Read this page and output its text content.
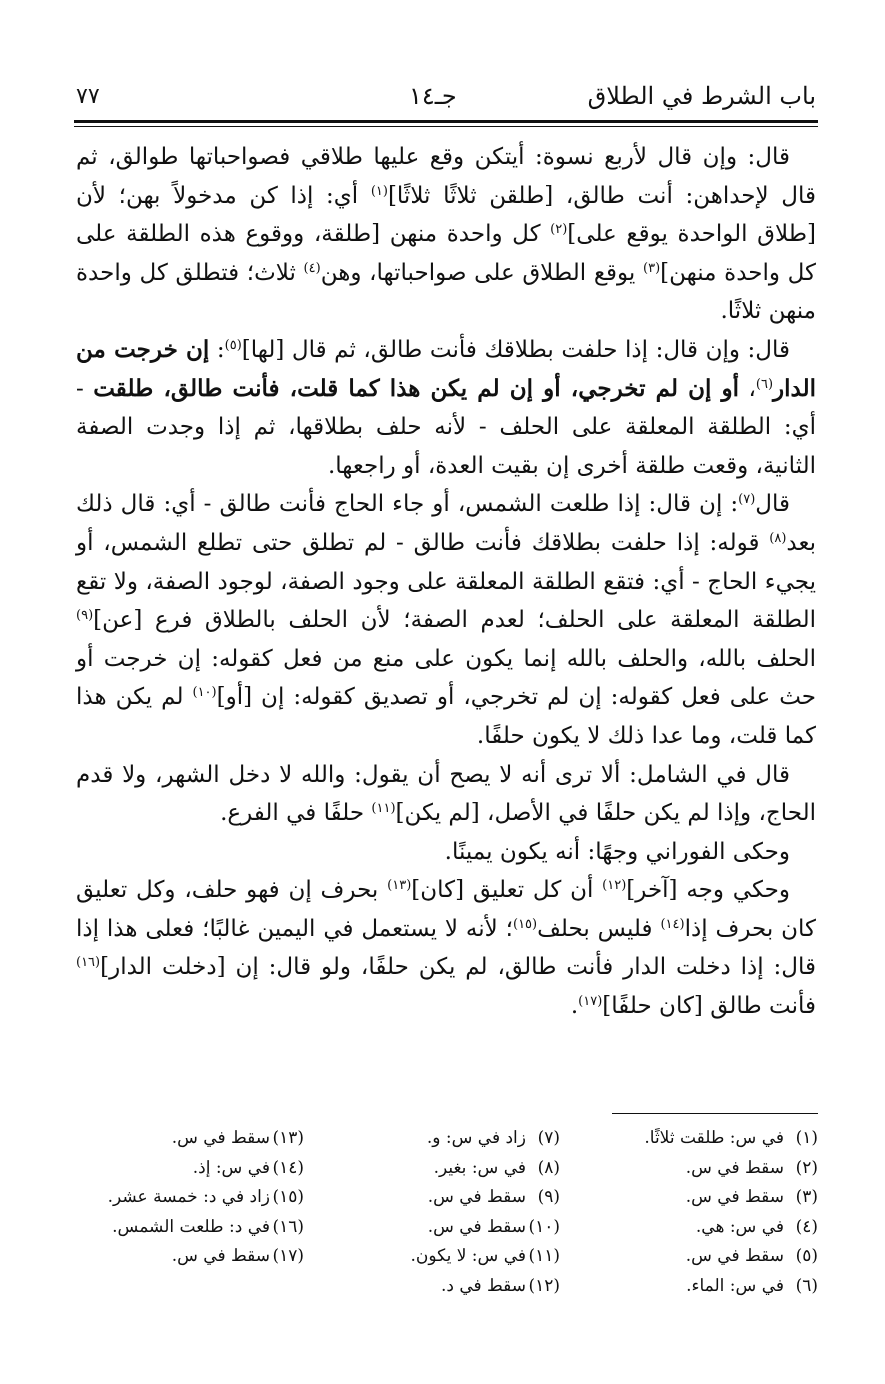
باب الشرط في الطلاق
جـ١٤
٧٧

قال: وإن قال لأربع نسوة: أيتكن وقع عليها طلاقي فصواحباتها طوالق، ثم قال لإحداهن: أنت طالق، [طلقن ثلاثًا ثلاثًا]$^{(١)}$ أي: إذا كن مدخولاً بهن؛ لأن [طلاق الواحدة يوقع على]$^{(٢)}$ كل واحدة منهن [طلقة، ووقوع هذه الطلقة على كل واحدة منهن]$^{(٣)}$ يوقع الطلاق على صواحباتها، وهن$^{(٤)}$ ثلاث؛ فتطلق كل واحدة منهن ثلاثًا.

قال: وإن قال: إذا حلفت بطلاقك فأنت طالق، ثم قال [لها]$^{(٥)}$: إن خرجت من الدار$^{(٦)}$، أو إن لم تخرجي، أو إن لم يكن هذا كما قلت، فأنت طالق، طلقت - أي: الطلقة المعلقة على الحلف - لأنه حلف بطلاقها، ثم إذا وجدت الصفة الثانية، وقعت طلقة أخرى إن بقيت العدة، أو راجعها.

قال$^{(٧)}$: إن قال: إذا طلعت الشمس، أو جاء الحاج فأنت طالق - أي: قال ذلك بعد$^{(٨)}$ قوله: إذا حلفت بطلاقك فأنت طالق - لم تطلق حتى تطلع الشمس، أو يجيء الحاج - أي: فتقع الطلقة المعلقة على وجود الصفة، لوجود الصفة، ولا تقع الطلقة المعلقة على الحلف؛ لعدم الصفة؛ لأن الحلف بالطلاق فرع [عن]$^{(٩)}$ الحلف بالله، والحلف بالله إنما يكون على منع من فعل كقوله: إن خرجت أو حث على فعل كقوله: إن لم تخرجي، أو تصديق كقوله: إن [أو]$^{(١٠)}$ لم يكن هذا كما قلت، وما عدا ذلك لا يكون حلفًا.

قال في الشامل: ألا ترى أنه لا يصح أن يقول: والله لا دخل الشهر، ولا قدم الحاج، وإذا لم يكن حلفًا في الأصل، [لم يكن]$^{(١١)}$ حلفًا في الفرع.

وحكى الفوراني وجهًا: أنه يكون يمينًا.

وحكي وجه [آخر]$^{(١٢)}$ أن كل تعليق [كان]$^{(١٣)}$ بحرف إن فهو حلف، وكل تعليق كان بحرف إذا$^{(١٤)}$ فليس بحلف$^{(١٥)}$؛ لأنه لا يستعمل في اليمين غالبًا؛ فعلى هذا إذا قال: إذا دخلت الدار فأنت طالق، لم يكن حلفًا، ولو قال: إن [دخلت الدار]$^{(١٦)}$ فأنت طالق [كان حلفًا]$^{(١٧)}$.

(١)في س: طلقت ثلاثًا.
(٢)سقط في س.
(٣)سقط في س.
(٤)في س: هي.
(٥)سقط في س.
(٦)في س: الماء.
(٧)زاد في س: و.
(٨)في س: بغير.
(٩)سقط في س.
(١٠)سقط في س.
(١١)في س: لا يكون.
(١٢)سقط في د.
(١٣)سقط في س.
(١٤)في س: إذ.
(١٥)زاد في د: خمسة عشر.
(١٦)في د: طلعت الشمس.
(١٧)سقط في س.
